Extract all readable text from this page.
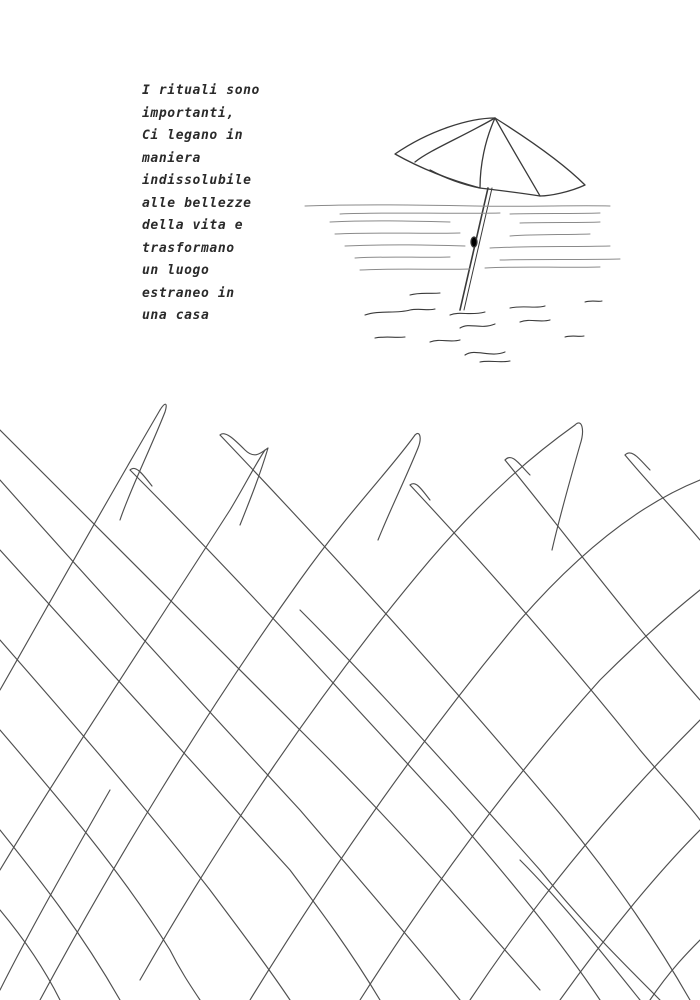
I rituali sono
importanti,
Ci legano in
maniera
indissolubile
alle bellezze
della vita e
trasformano
un luogo
estraneo in
una casa
